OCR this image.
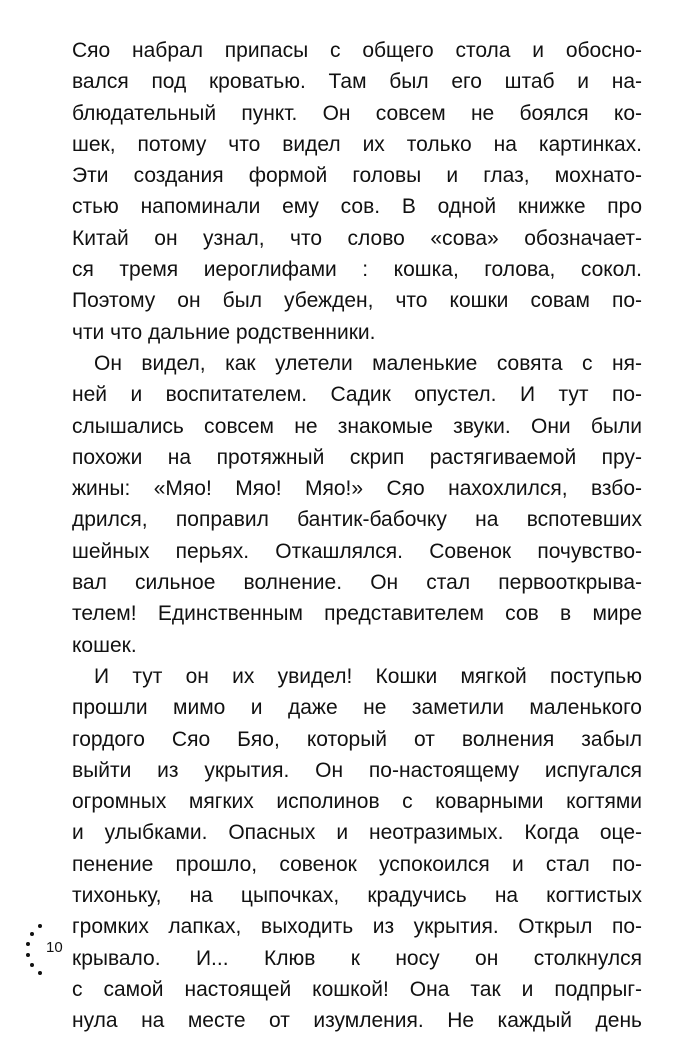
Сяо набрал припасы с общего стола и обосно-
вался под кроватью. Там был его штаб и на-
блюдательный пункт. Он совсем не боялся ко-
шек, потому что видел их только на картинках.
Эти создания формой головы и глаз, мохнато-
стью напоминали ему сов. В одной книжке про
Китай он узнал, что слово «сова» обозначает-
ся тремя иероглифами : кошка, голова, сокол.
Поэтому он был убежден, что кошки совам по-
чти что дальние родственники.
Он видел, как улетели маленькие совята с ня-
ней и воспитателем. Садик опустел. И тут по-
слышались совсем не знакомые звуки. Они были
похожи на протяжный скрип растягиваемой пру-
жины: «Мяо! Мяо! Мяо!» Сяо нахохлился, взбо-
дрился, поправил бантик-бабочку на вспотевших
шейных перьях. Откашлялся. Совенок почувство-
вал сильное волнение. Он стал первооткрыва-
телем! Единственным представителем сов в мире
кошек.
И тут он их увидел! Кошки мягкой поступью
прошли мимо и даже не заметили маленького
гордого Сяо Бяо, который от волнения забыл
выйти из укрытия. Он по-настоящему испугался
огромных мягких исполинов с коварными когтями
и улыбками. Опасных и неотразимых. Когда оце-
пенение прошло, совенок успокоился и стал по-
тихоньку, на цыпочках, крадучись на когтистых
громких лапках, выходить из укрытия. Открыл по-
крывало. И... Клюв к носу он столкнулся
с самой настоящей кошкой! Она так и подпрыг-
нула на месте от изумления. Не каждый день
10
